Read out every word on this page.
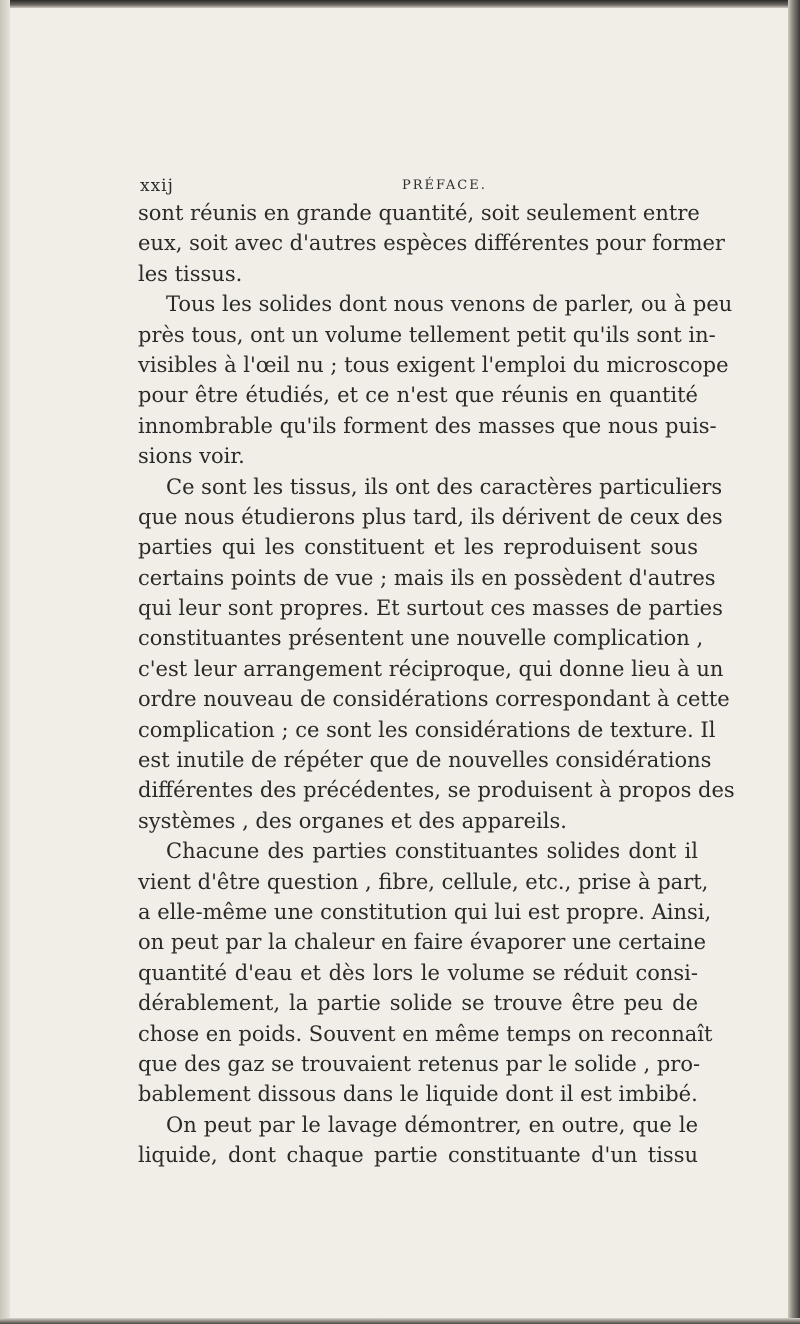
xxij	PRÉFACE.
sont réunis en grande quantité, soit seulement entre
eux, soit avec d'autres espèces différentes pour former
les tissus.
Tous les solides dont nous venons de parler, ou à peu
près tous, ont un volume tellement petit qu'ils sont in-
visibles à l'œil nu ; tous exigent l'emploi du microscope
pour être étudiés, et ce n'est que réunis en quantité
innombrable qu'ils forment des masses que nous puis-
sions voir.
Ce sont les tissus, ils ont des caractères particuliers
que nous étudierons plus tard, ils dérivent de ceux des
parties qui les constituent et les reproduisent sous
certains points de vue ; mais ils en possèdent d'autres
qui leur sont propres. Et surtout ces masses de parties
constituantes présentent une nouvelle complication ,
c'est leur arrangement réciproque, qui donne lieu à un
ordre nouveau de considérations correspondant à cette
complication ; ce sont les considérations de texture. Il
est inutile de répéter que de nouvelles considérations
différentes des précédentes, se produisent à propos des
systèmes , des organes et des appareils.
Chacune des parties constituantes solides dont il
vient d'être question , fibre, cellule, etc., prise à part,
a elle-même une constitution qui lui est propre. Ainsi,
on peut par la chaleur en faire évaporer une certaine
quantité d'eau et dès lors le volume se réduit consi-
dérablement, la partie solide se trouve être peu de
chose en poids. Souvent en même temps on reconnaît
que des gaz se trouvaient retenus par le solide , pro-
bablement dissous dans le liquide dont il est imbibé.
On peut par le lavage démontrer, en outre, que le
liquide, dont chaque partie constituante d'un tissu
